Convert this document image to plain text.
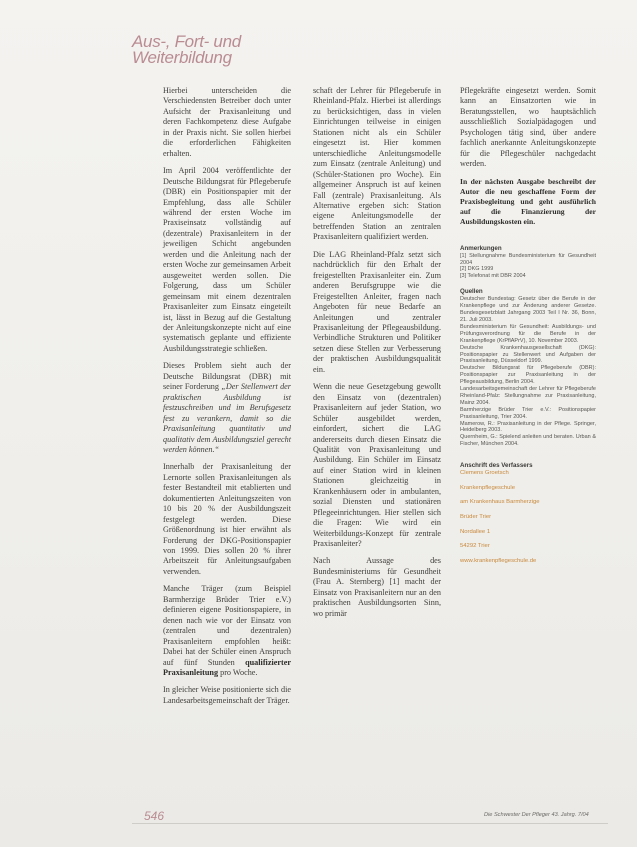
Aus-, Fort- und
Weiterbildung

Hierbei unterscheiden die Verschiedensten Betreiber doch unter Aufsicht der Praxisanleitung und deren Fachkompetenz diese Aufgabe in der Praxis nicht. Sie sollen hierbei die erforderlichen Fähigkeiten erhalten.

Im April 2004 veröffentlichte der Deutsche Bildungsrat für Pflegeberufe (DBR) ein Positionspapier mit der Empfehlung, dass alle Schüler während der ersten Woche im Praxiseinsatz vollständig auf (dezentrale) Praxisanleitern in der jeweiligen Schicht angebunden werden und die Anleitung nach der ersten Woche zur gemeinsamen Arbeit ausgeweitet werden sollen. Die Folgerung, dass um Schüler gemeinsam mit einem dezentralen Praxisanleiter zum Einsatz eingeteilt ist, lässt in Bezug auf die Gestaltung der Anleitungskonzepte nicht auf eine systematisch geplante und effiziente Ausbildungsstrategie schließen.

Dieses Problem sieht auch der Deutsche Bildungsrat (DBR) mit seiner Forderung „Der Stellenwert der praktischen Ausbildung ist festzuschreiben und im Berufsgesetz fest zu verankern, damit so die Praxisanleitung quantitativ und qualitativ dem Ausbildungsziel gerecht werden können.“

Innerhalb der Praxisanleitung der Lernorte sollen Praxisanleitungen als fester Bestandteil mit etablierten und dokumentierten Anleitungszeiten von 10 bis 20 % der Ausbildungszeit festgelegt werden. Diese Größenordnung ist hier erwähnt als Forderung der DKG-Positionspapier von 1999. Dies sollen 20 % ihrer Arbeitszeit für Anleitungsaufgaben verwenden.

Manche Träger (zum Beispiel Barmherzige Brüder Trier e.V.) definieren eigene Positionspapiere, in denen nach wie vor der Einsatz von (zentralen und dezentralen) Praxisanleitern empfohlen heißt: Dabei hat der Schüler einen Anspruch auf fünf Stunden qualifizierter Praxisanleitung pro Woche.

In gleicher Weise positionierte sich die Landesarbeitsgemeinschaft der Träger.

schaft der Lehrer für Pflegeberufe in Rheinland-Pfalz. Hierbei ist allerdings zu berücksichtigen, dass in vielen Einrichtungen teilweise in einigen Stationen nicht als ein Schüler eingesetzt ist. Hier kommen unterschiedliche Anleitungsmodelle zum Einsatz (zentrale Anleitung) und (Schüler-Stationen pro Woche). Ein allgemeiner Anspruch ist auf keinen Fall (zentrale) Praxisanleitung. Als Alternative ergeben sich: Station eigene Anleitungsmodelle der betreffenden Station an zentralen Praxisanleitern qualifiziert werden.

Die LAG Rheinland-Pfalz setzt sich nachdrücklich für den Erhalt der freigestellten Praxisanleiter ein. Zum anderen Berufsgruppe wie die Freigestellten Anleiter, fragen nach Angeboten für neue Bedarfe an Anleitungen und zentraler Praxisanleitung der Pflegeausbildung. Verbindliche Strukturen und Politiker setzen diese Stellen zur Verbesserung der praktischen Ausbildungsqualität ein.

Wenn die neue Gesetzgebung gewollt den Einsatz von (dezentralen) Praxisanleitern auf jeder Station, wo Schüler ausgebildet werden, einfordert, sichert die LAG andererseits durch diesen Einsatz die Qualität von Praxisanleitung und Ausbildung. Ein Schüler im Einsatz auf einer Station wird in kleinen Stationen gleichzeitig in Krankenhäusern oder in ambulanten, sozial Diensten und stationären Pflegeeinrichtungen. Hier stellen sich die Fragen: Wie wird ein Weiterbildungs-Konzept für zentrale Praxisanleiter?

Nach Aussage des Bundesministeriums für Gesundheit (Frau A. Sternberg) [1] macht der Einsatz von Praxisanleitern nur an den praktischen Ausbildungsorten Sinn, wo primär

Pflegekräfte eingesetzt werden. Somit kann an Einsatzorten wie in Beratungsstellen, wo hauptsächlich ausschließlich Sozialpädagogen und Psychologen tätig sind, über andere fachlich anerkannte Anleitungskonzepte für die Pflegeschüler nachgedacht werden.

In der nächsten Ausgabe beschreibt der Autor die neu geschaffene Form der Praxisbegleitung und geht ausführlich auf die Finanzierung der Ausbildungskosten ein.
Anmerkungen

[1] Stellungnahme Bundesministerium für Gesundheit 2004

[2] DKG 1999

[3] Telefonat mit DBR 2004

Quellen

Deutscher Bundestag: Gesetz über die Berufe in der Krankenpflege und zur Änderung anderer Gesetze. Bundesgesetzblatt Jahrgang 2003 Teil I Nr. 36, Bonn, 21. Juli 2003.

Bundesministerium für Gesundheit: Ausbildungs- und Prüfungsverordnung für die Berufe in der Krankenpflege (KrPflAPrV), 10. November 2003.

Deutsche Krankenhausgesellschaft (DKG): Positionspapier zu Stellenwert und Aufgaben der Praxisanleitung, Düsseldorf 1999.

Deutscher Bildungsrat für Pflegeberufe (DBR): Positionspapier zur Praxisanleitung in der Pflegeausbildung, Berlin 2004.

Landesarbeitsgemeinschaft der Lehrer für Pflegeberufe Rheinland-Pfalz: Stellungnahme zur Praxisanleitung, Mainz 2004.

Barmherzige Brüder Trier e.V.: Positionspapier Praxisanleitung, Trier 2004.

Mamerow, R.: Praxisanleitung in der Pflege. Springer, Heidelberg 2003.

Quernheim, G.: Spielend anleiten und beraten. Urban & Fischer, München 2004.

Anschrift des Verfassers

Clemens Groetsch

Krankenpflegeschule

am Krankenhaus Barmherzige

Brüder Trier

Nordallee 1

54292 Trier

www.krankenpflegeschule.de

546	Die Schwester Der Pfleger 43. Jahrg. 7/04
